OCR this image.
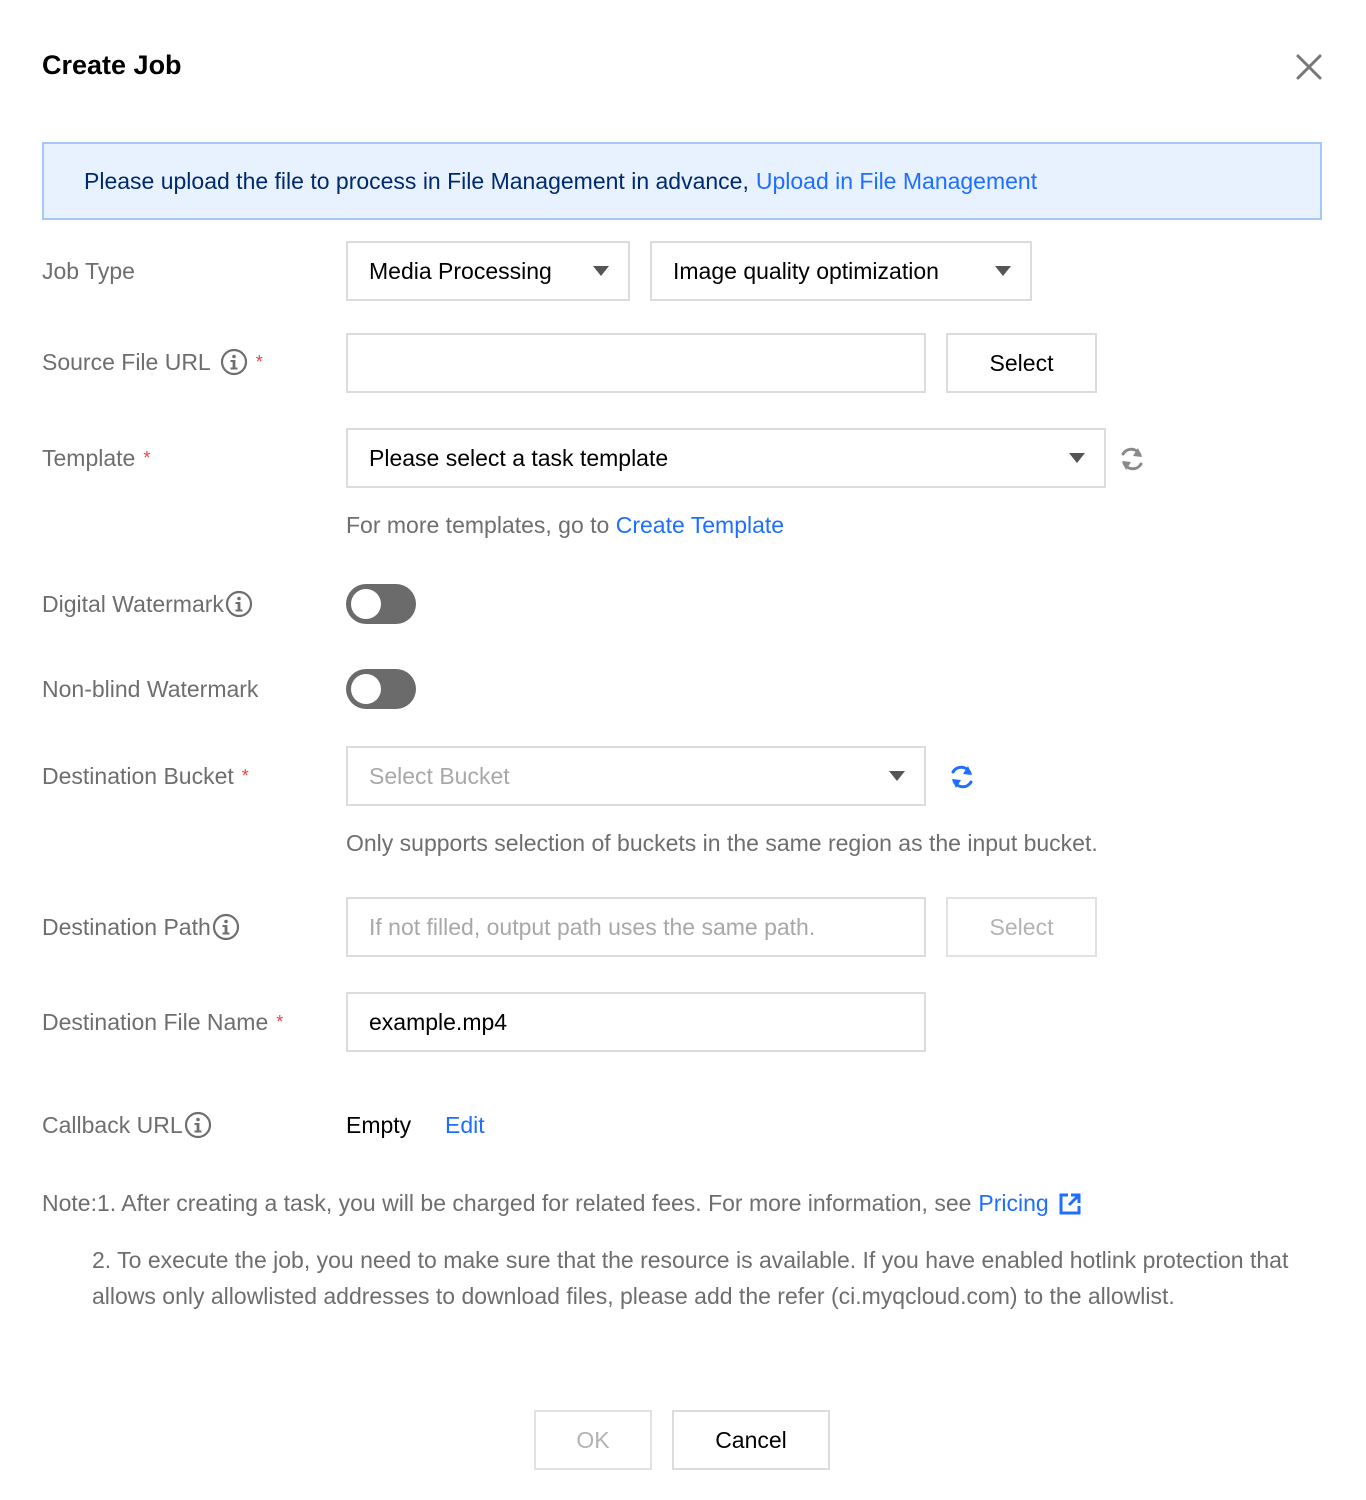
Create Job
Please upload the file to process in File Management in advance, Upload in File Management
Job Type	Media Processing	Image quality optimization
Source File URL	*	Select
Template *	Please select a task template
For more templates, go to Create Template
Digital Watermark
Non-blind Watermark
Destination Bucket *	Select Bucket
Only supports selection of buckets in the same region as the input bucket.
Destination Path	If not filled, output path uses the same path.	Select
Destination File Name *	example.mp4
Callback URL	Empty Edit
Note: 1. After creating a task, you will be charged for related fees. For more information, see Pricing
2. To execute the job, you need to make sure that the resource is available. If you have enabled hotlink protection that allows only allowlisted addresses to download files, please add the refer (ci.myqcloud.com) to the allowlist.
OK	Cancel
